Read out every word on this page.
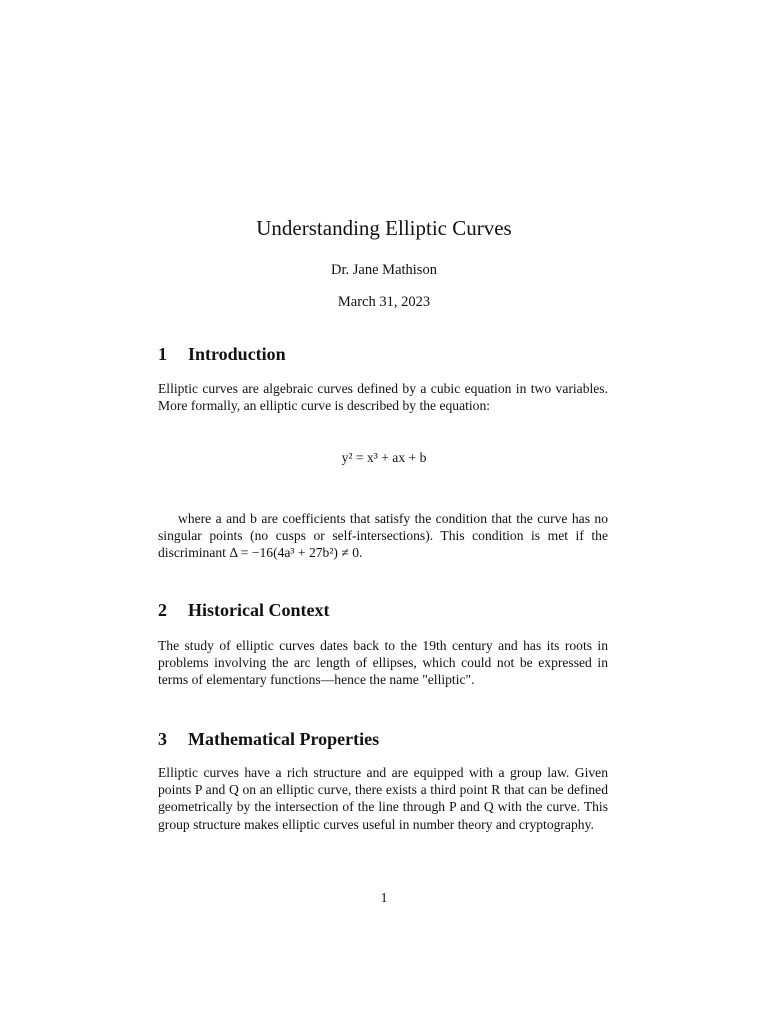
Understanding Elliptic Curves
Dr. Jane Mathison
March 31, 2023
1 Introduction
Elliptic curves are algebraic curves defined by a cubic equation in two variables. More formally, an elliptic curve is described by the equation:
y² = x³ + ax + b
where a and b are coefficients that satisfy the condition that the curve has no singular points (no cusps or self-intersections). This condition is met if the discriminant Δ = −16(4a³ + 27b²) ≠ 0.
2 Historical Context
The study of elliptic curves dates back to the 19th century and has its roots in problems involving the arc length of ellipses, which could not be expressed in terms of elementary functions—hence the name "elliptic".
3 Mathematical Properties
Elliptic curves have a rich structure and are equipped with a group law. Given points P and Q on an elliptic curve, there exists a third point R that can be defined geometrically by the intersection of the line through P and Q with the curve. This group structure makes elliptic curves useful in number theory and cryptography.
1
